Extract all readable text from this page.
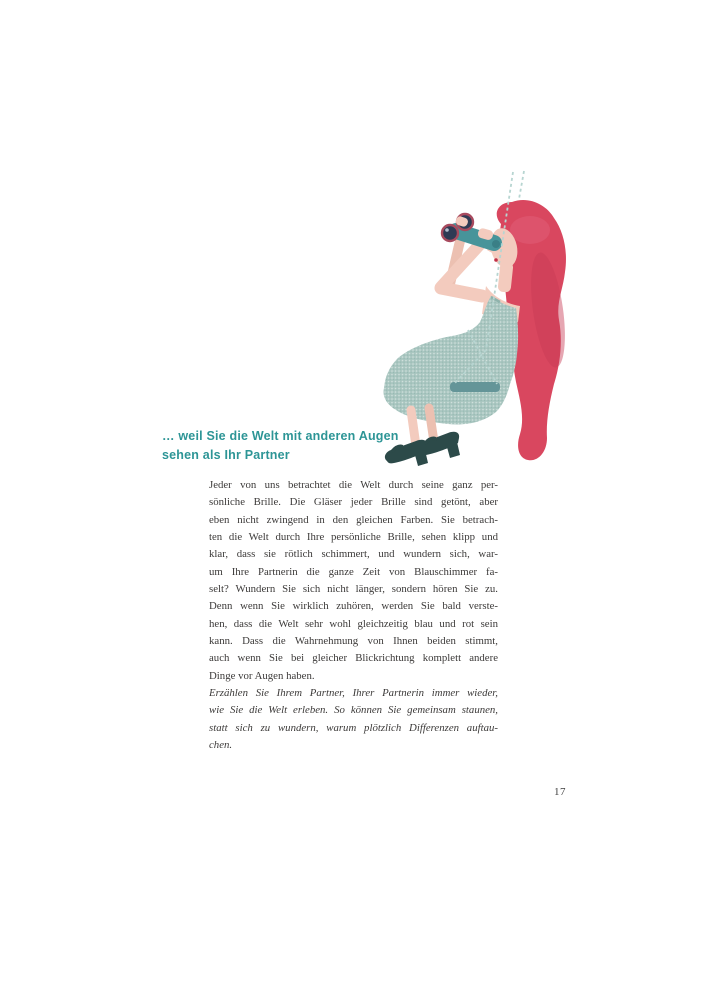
… weil Sie die Welt mit anderen Augen
sehen als Ihr Partner
Jeder von uns betrachtet die Welt durch seine ganz per-
sönliche Brille. Die Gläser jeder Brille sind getönt, aber
eben nicht zwingend in den gleichen Farben. Sie betrach-
ten die Welt durch Ihre persönliche Brille, sehen klipp und
klar, dass sie rötlich schimmert, und wundern sich, war-
um Ihre Partnerin die ganze Zeit von Blauschimmer fa-
selt? Wundern Sie sich nicht länger, sondern hören Sie zu.
Denn wenn Sie wirklich zuhören, werden Sie bald verste-
hen, dass die Welt sehr wohl gleichzeitig blau und rot sein
kann. Dass die Wahrnehmung von Ihnen beiden stimmt,
auch wenn Sie bei gleicher Blickrichtung komplett andere
Dinge vor Augen haben.
Erzählen Sie Ihrem Partner, Ihrer Partnerin immer wieder,
wie Sie die Welt erleben. So können Sie gemeinsam staunen,
statt sich zu wundern, warum plötzlich Differenzen auftau-
chen.
17
